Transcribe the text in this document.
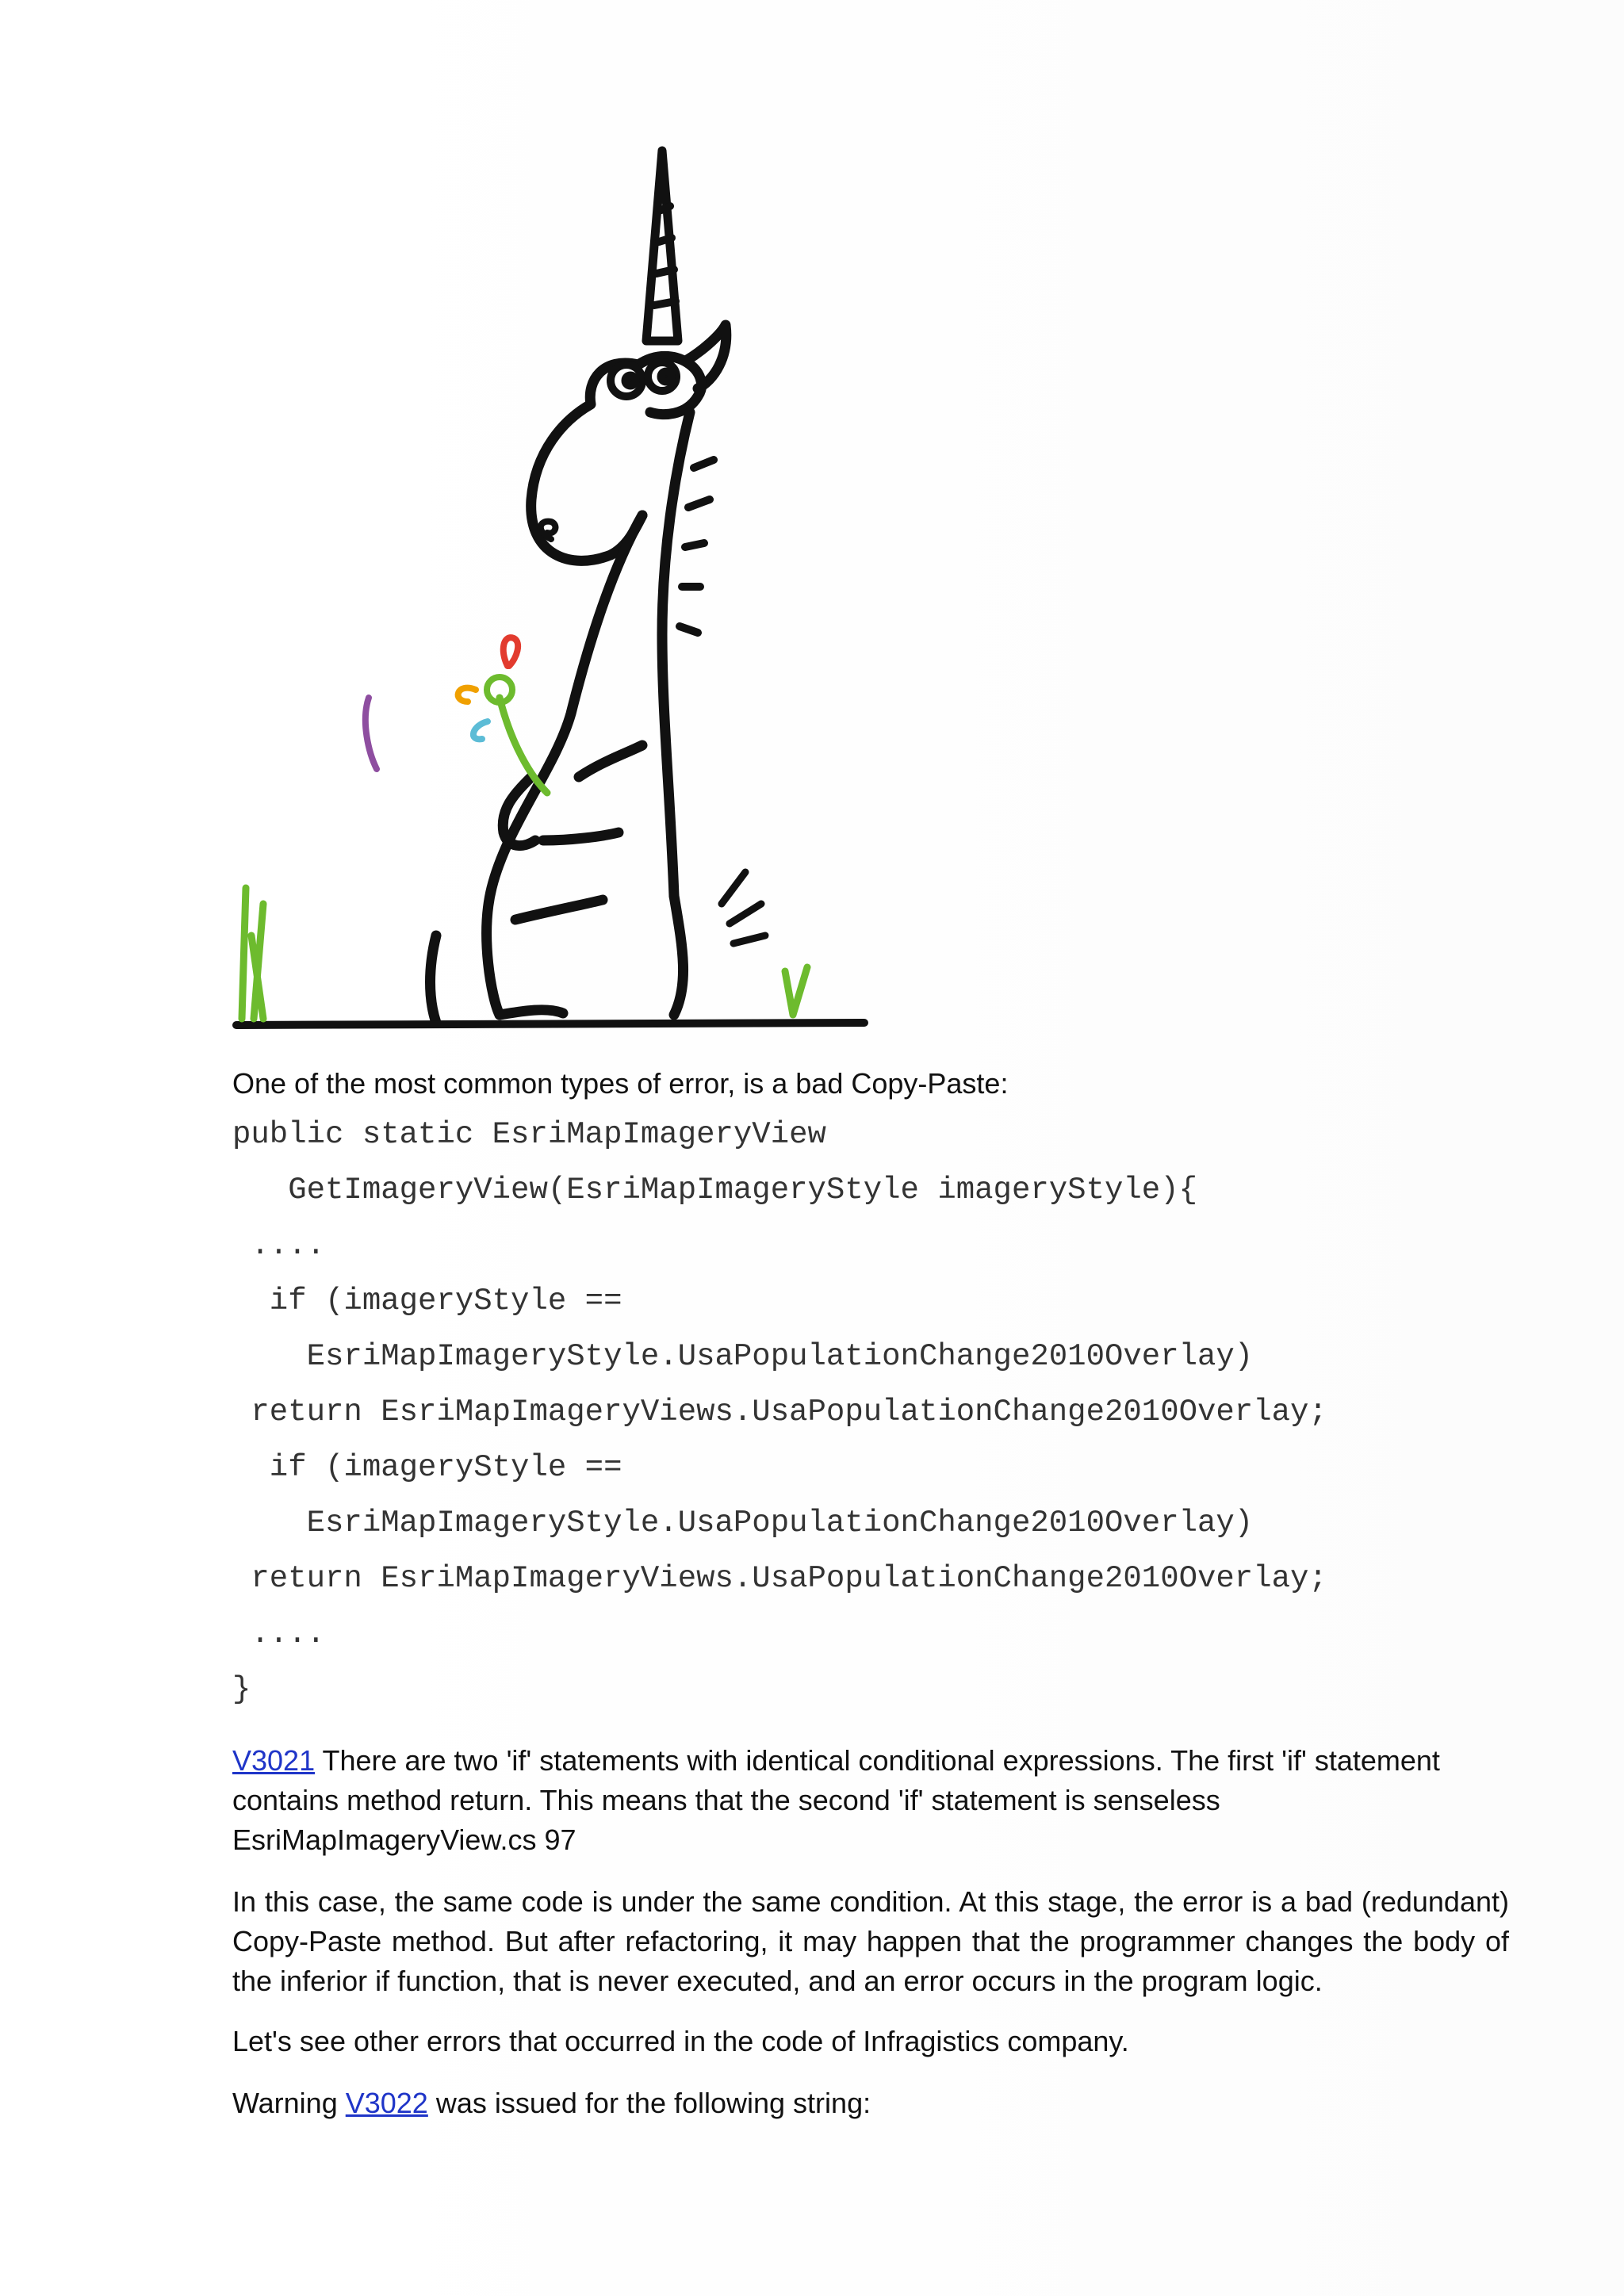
One of the most common types of error, is a bad Copy-Paste:
public static EsriMapImageryView
GetImageryView(EsriMapImageryStyle imageryStyle){
....
if (imageryStyle ==
EsriMapImageryStyle.UsaPopulationChange2010Overlay)
return EsriMapImageryViews.UsaPopulationChange2010Overlay;
if (imageryStyle ==
EsriMapImageryStyle.UsaPopulationChange2010Overlay)
return EsriMapImageryViews.UsaPopulationChange2010Overlay;
....
}
V3021 There are two 'if' statements with identical conditional expressions. The first 'if' statement contains method return. This means that the second 'if' statement is senseless EsriMapImageryView.cs 97
In this case, the same code is under the same condition. At this stage, the error is a bad (redundant) Copy-Paste method. But after refactoring, it may happen that the programmer changes the body of the inferior if function, that is never executed, and an error occurs in the program logic.
Let's see other errors that occurred in the code of Infragistics company.
Warning V3022 was issued for the following string:
